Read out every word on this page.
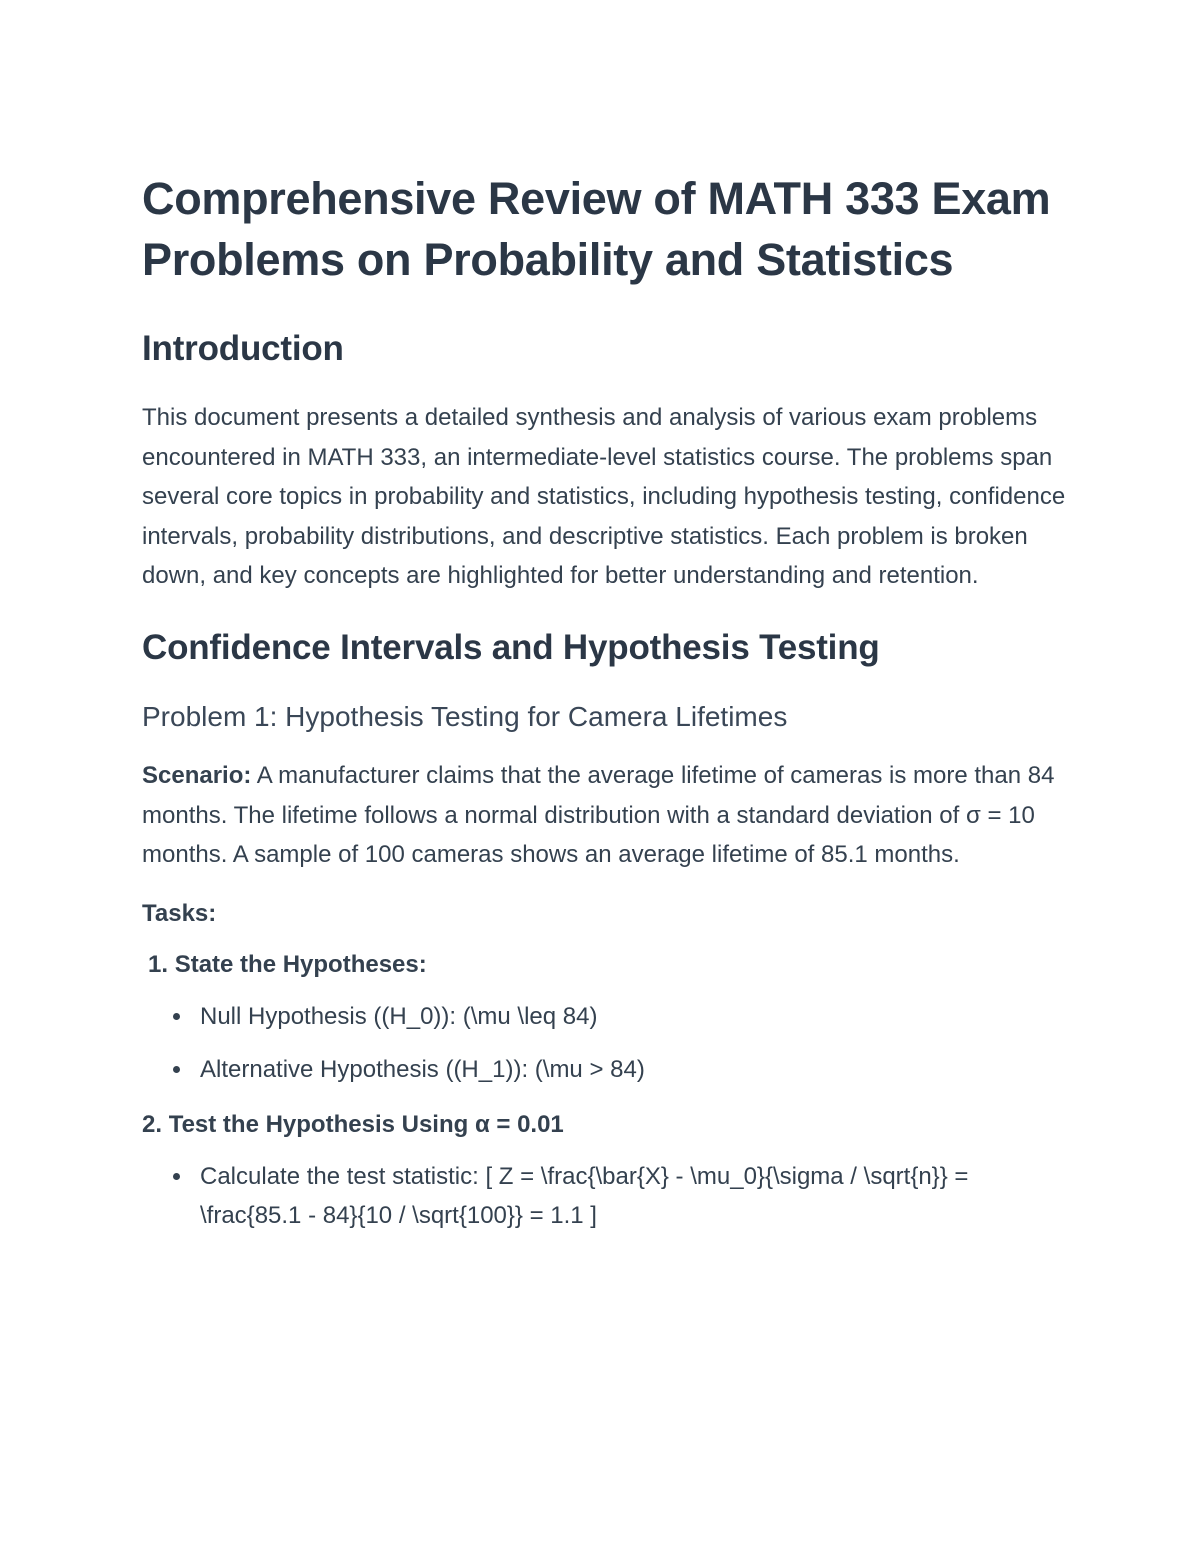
Comprehensive Review of MATH 333 Exam Problems on Probability and Statistics
Introduction

This document presents a detailed synthesis and analysis of various exam problems encountered in MATH 333, an intermediate-level statistics course. The problems span several core topics in probability and statistics, including hypothesis testing, confidence intervals, probability distributions, and descriptive statistics. Each problem is broken down, and key concepts are highlighted for better understanding and retention.

Confidence Intervals and Hypothesis Testing
Problem 1: Hypothesis Testing for Camera Lifetimes

Scenario: A manufacturer claims that the average lifetime of cameras is more than 84 months. The lifetime follows a normal distribution with a standard deviation of σ = 10 months. A sample of 100 cameras shows an average lifetime of 85.1 months.

Tasks:

1. State the Hypotheses:
Null Hypothesis ((H_0)): (\mu \leq 84)
Alternative Hypothesis ((H_1)): (\mu > 84)
2. Test the Hypothesis Using α = 0.01
Calculate the test statistic: [ Z = \frac{\bar{X} - \mu_0}{\sigma / \sqrt{n}} = \frac{85.1 - 84}{10 / \sqrt{100}} = 1.1 ]
